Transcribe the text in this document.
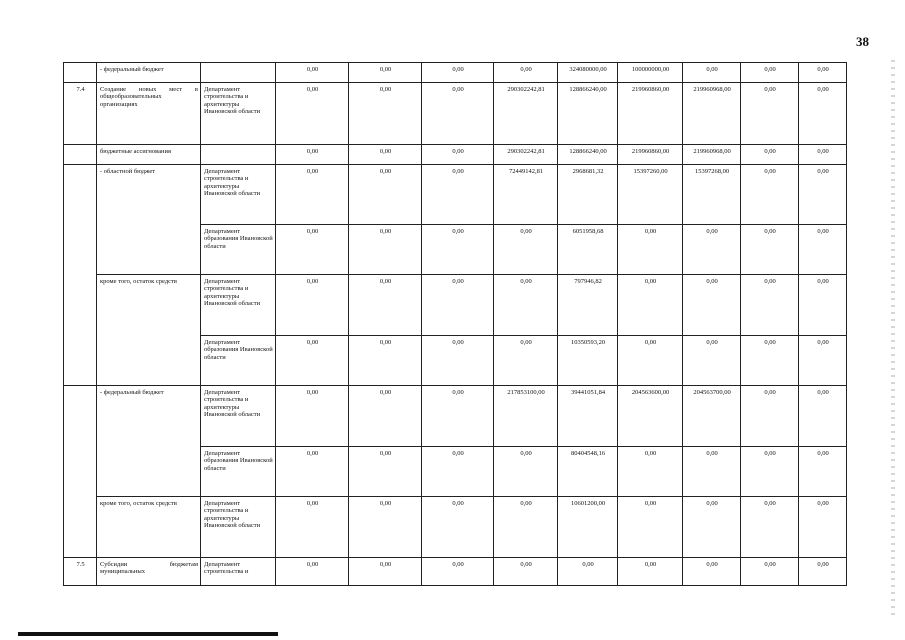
38
	- федеральный бюджет		0,00	0,00	0,00	0,00	324080000,00	100000000,00	0,00	0,00	0,00
7.4	Создание новых мест в общеобразовательных организациях	Департамент строительства и архитектуры Ивановской области	0,00	0,00	0,00	290302242,81	128866240,00	219960860,00	219960968,00	0,00	0,00
	бюджетные ассигнования		0,00	0,00	0,00	290302242,81	128866240,00	219960860,00	219960968,00	0,00	0,00
	- областной бюджет	Департамент строительства и архитектуры Ивановской области	0,00	0,00	0,00	72449142,81	2968681,32	15397260,00	15397268,00	0,00	0,00
		Департамент образования Ивановской области	0,00	0,00	0,00	0,00	6051958,68	0,00	0,00	0,00	0,00
	кроме того, остаток средств	Департамент строительства и архитектуры Ивановской области	0,00	0,00	0,00	0,00	797946,82	0,00	0,00	0,00	0,00
		Департамент образования Ивановской области	0,00	0,00	0,00	0,00	10350593,20	0,00	0,00	0,00	0,00
	- федеральный бюджет	Департамент строительства и архитектуры Ивановской области	0,00	0,00	0,00	217853100,00	39441051,84	204563600,00	204563700,00	0,00	0,00
		Департамент образования Ивановской области	0,00	0,00	0,00	0,00	80404548,16	0,00	0,00	0,00	0,00
	кроме того, остаток средств	Департамент строительства и архитектуры Ивановской области	0,00	0,00	0,00	0,00	10601200,00	0,00	0,00	0,00	0,00
7.5	Субсидии бюджетам муниципальных	Департамент строительства и	0,00	0,00	0,00	0,00	0,00	0,00	0,00	0,00	0,00
